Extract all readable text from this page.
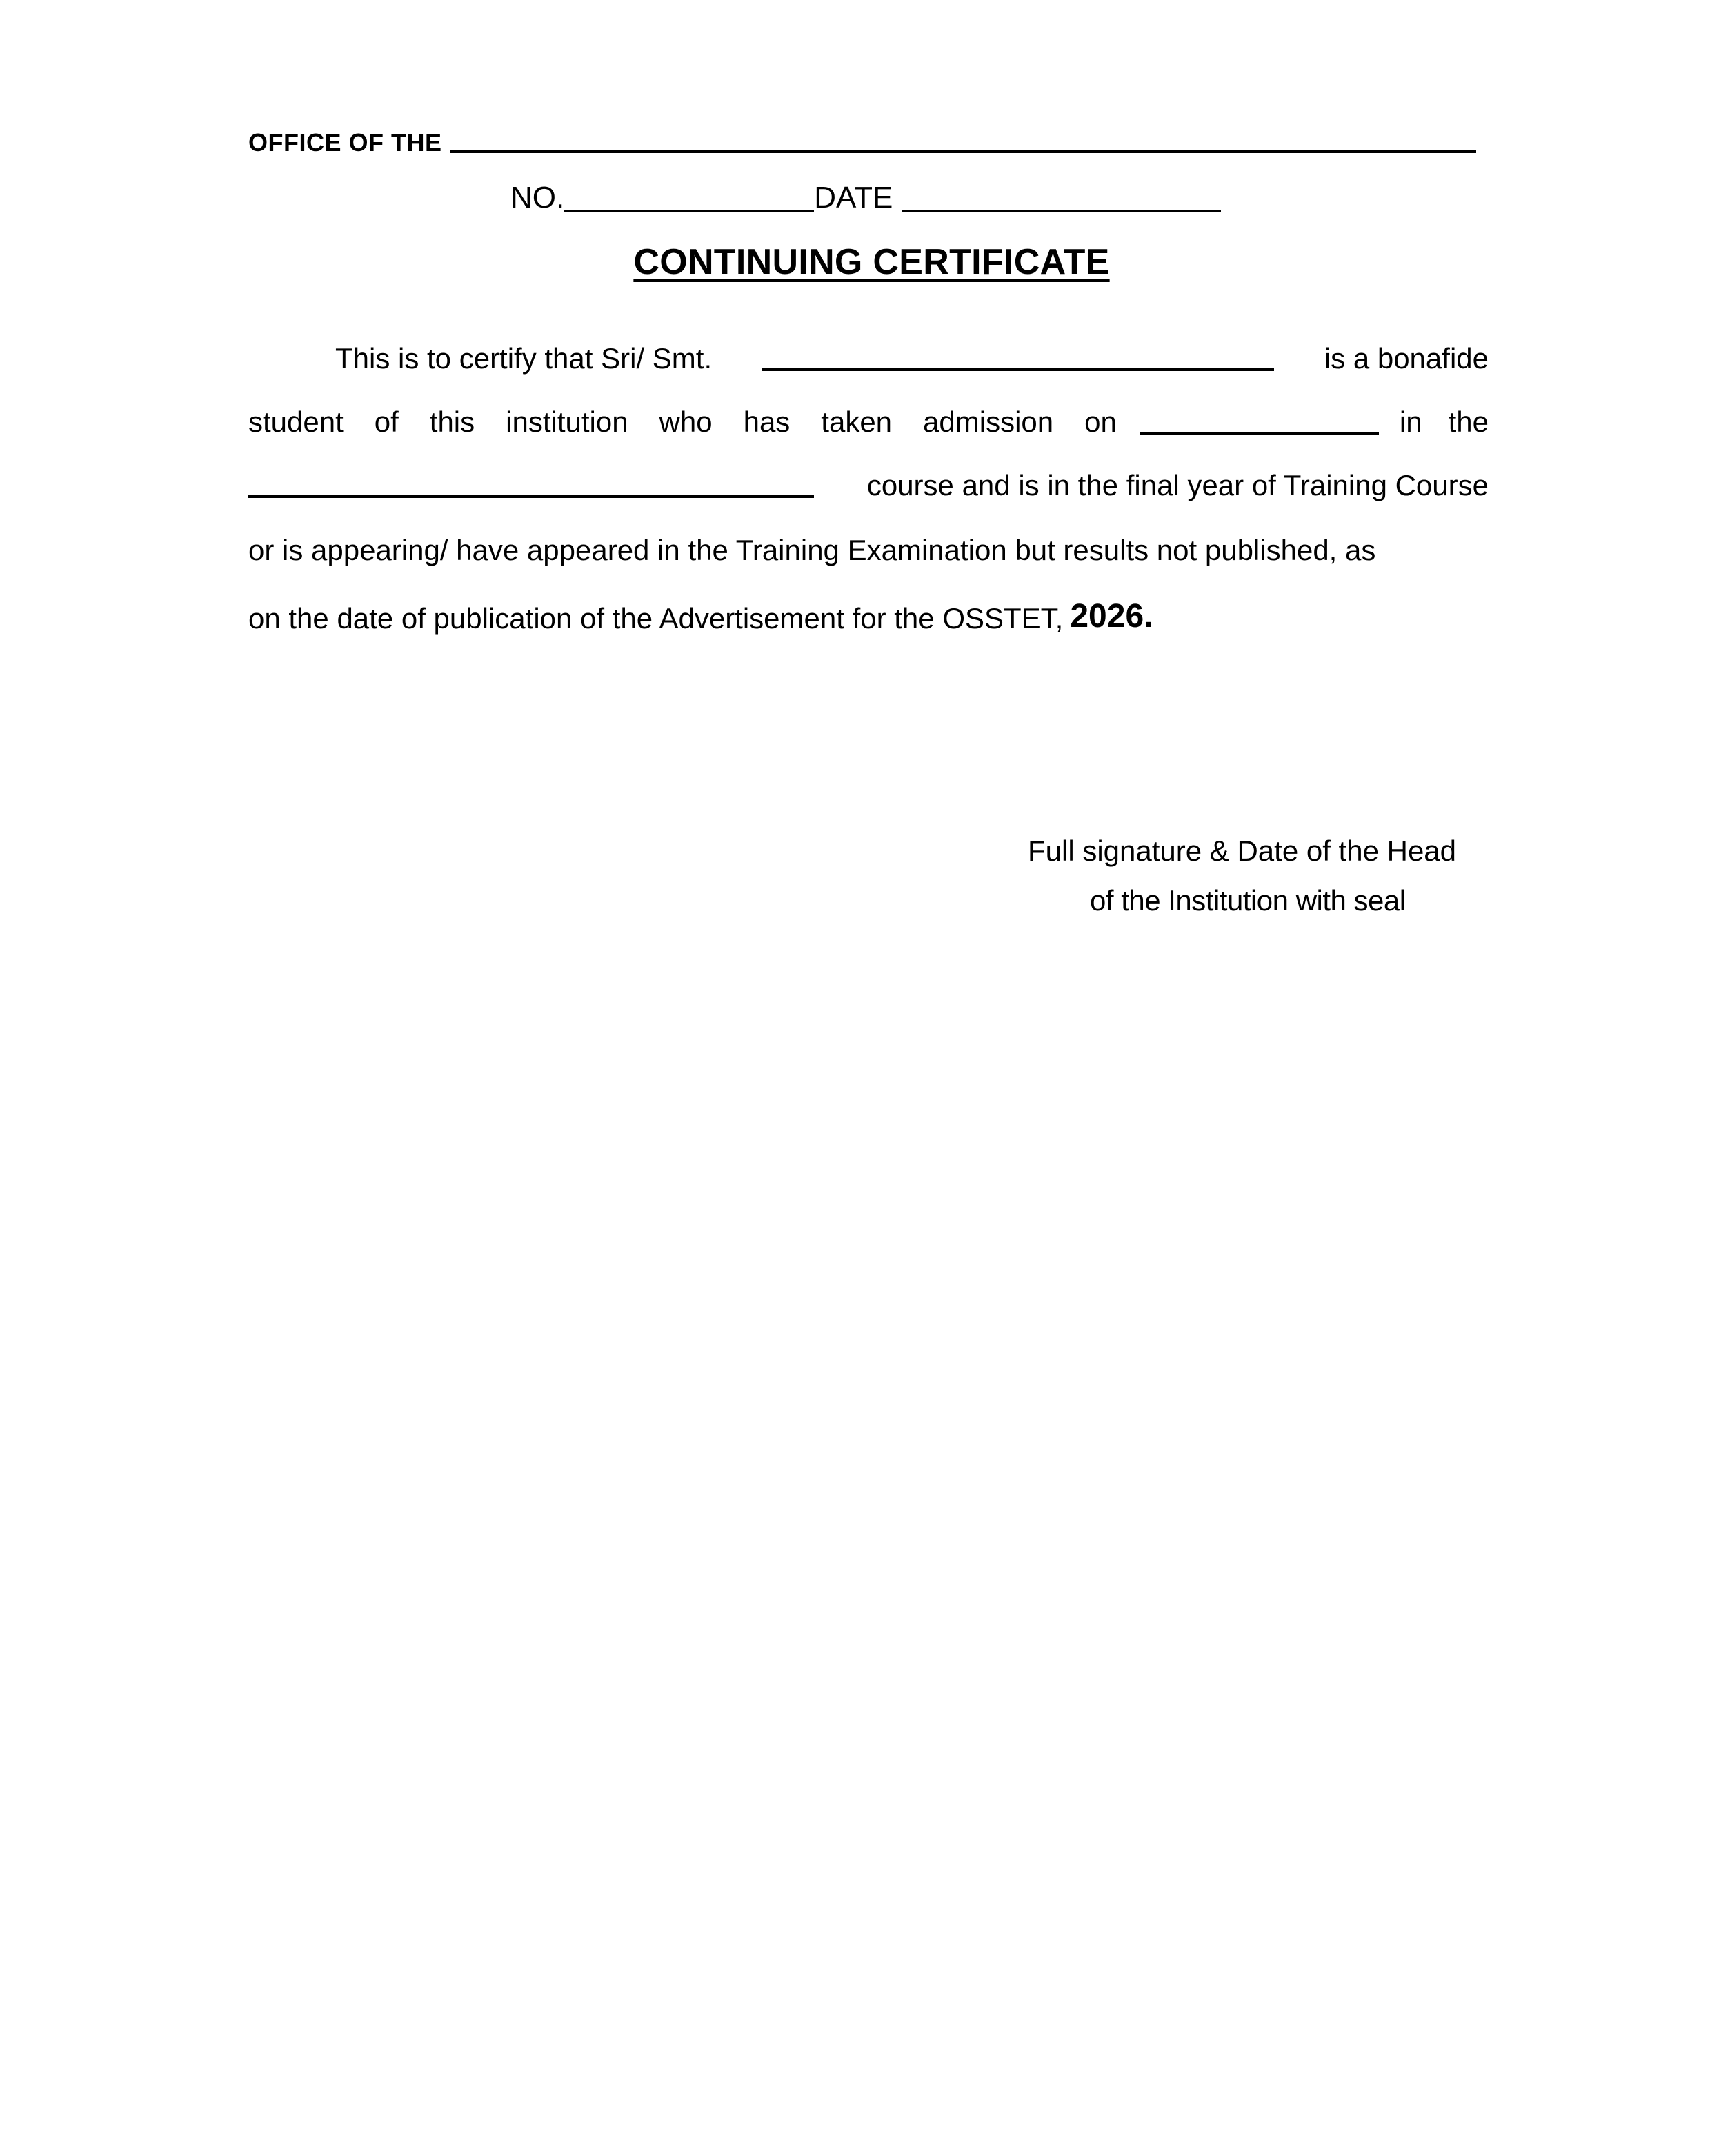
OFFICE OF THE
NO.	DATE
CONTINUING CERTIFICATE
This is to certify that Sri/ Smt.	is a bonafide
student of this institution who has taken admission on	in the
course and is in the final year of Training Course
or is appearing/ have appeared in the Training Examination but results not published, as
on the date of publication of the Advertisement for the OSSTET, 2026.
Full signature & Date of the Head
of the Institution with seal
